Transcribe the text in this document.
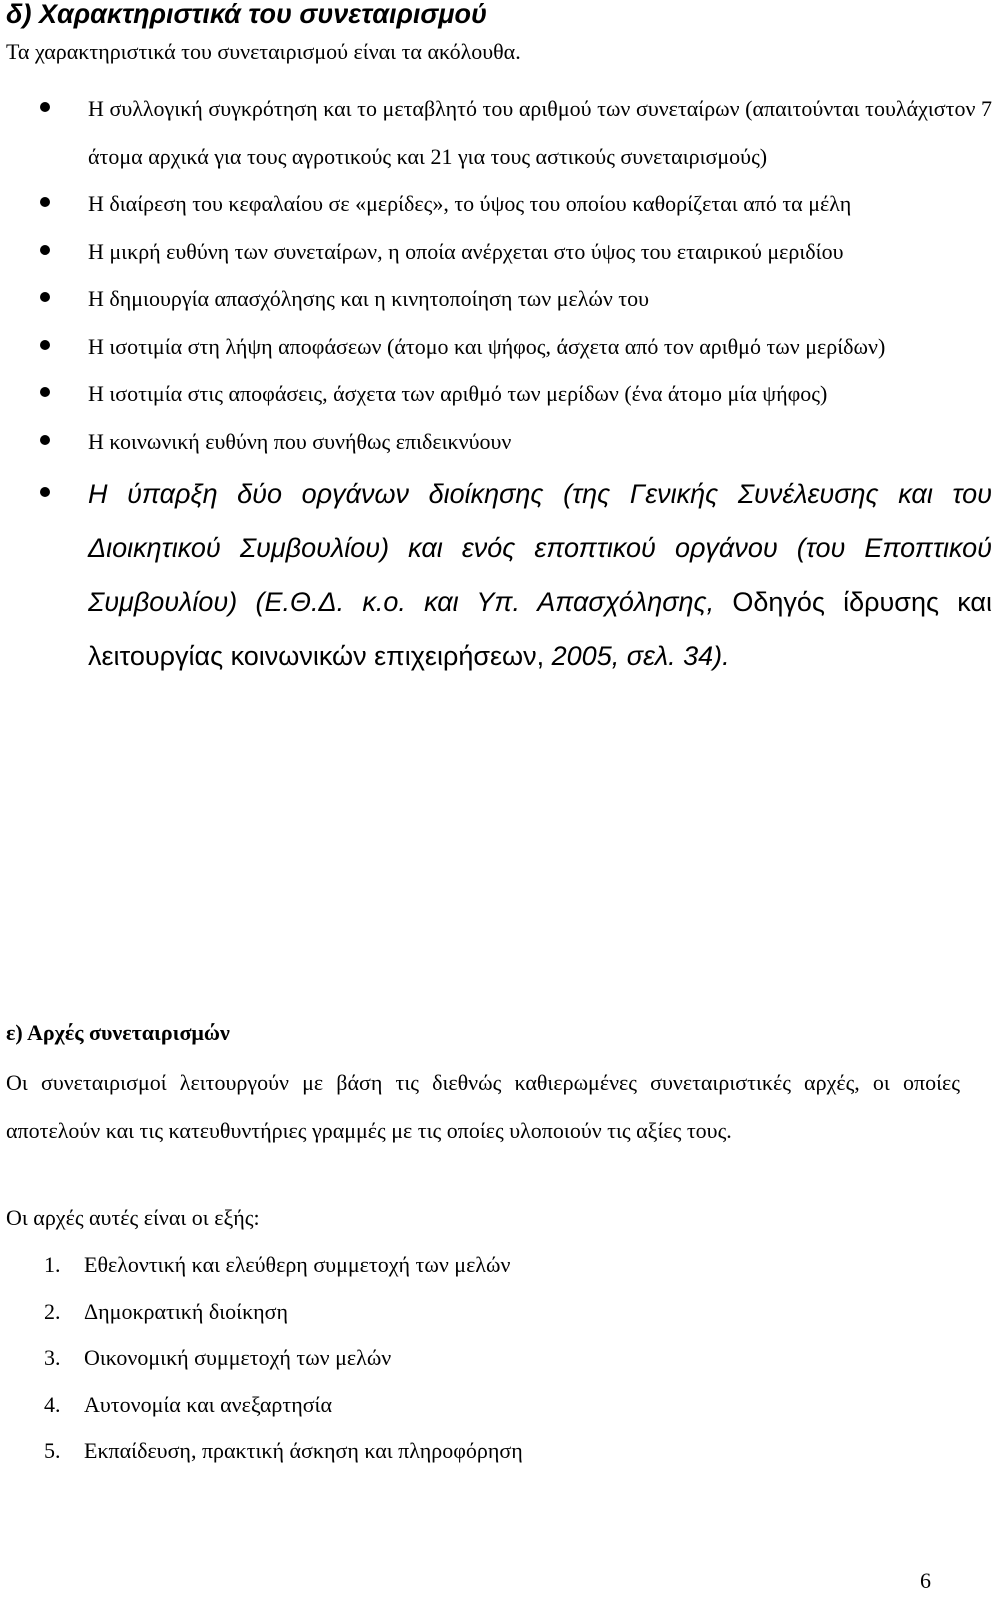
δ) Χαρακτηριστικά του συνεταιρισμού
Τα χαρακτηριστικά του συνεταιρισμού είναι τα ακόλουθα.
Η συλλογική συγκρότηση και το μεταβλητό του αριθμού των συνεταίρων (απαιτούνται τουλάχιστον 7 άτομα αρχικά για τους αγροτικούς και 21 για τους αστικούς συνεταιρισμούς)
Η διαίρεση του κεφαλαίου σε «μερίδες», το ύψος του οποίου καθορίζεται από τα μέλη
Η μικρή ευθύνη των συνεταίρων, η οποία ανέρχεται στο ύψος του εταιρικού μεριδίου
Η δημιουργία απασχόλησης και η κινητοποίηση των μελών του
Η ισοτιμία στη λήψη αποφάσεων (άτομο και ψήφος, άσχετα από τον αριθμό των μερίδων)
Η ισοτιμία στις αποφάσεις, άσχετα των αριθμό των μερίδων (ένα άτομο μία ψήφος)
Η κοινωνική ευθύνη που συνήθως επιδεικνύουν
Η ύπαρξη δύο οργάνων διοίκησης (της Γενικής Συνέλευσης και του Διοικητικού Συμβουλίου) και ενός εποπτικού οργάνου (του Εποπτικού Συμβουλίου) (Ε.Θ.Δ. κ.ο. και Υπ. Απασχόλησης, Οδηγός ίδρυσης και λειτουργίας κοινωνικών επιχειρήσεων, 2005, σελ. 34).
ε) Αρχές συνεταιρισμών
Οι συνεταιρισμοί λειτουργούν με βάση τις διεθνώς καθιερωμένες συνεταιριστικές αρχές, οι οποίες αποτελούν και τις κατευθυντήριες γραμμές με τις οποίες υλοποιούν τις αξίες τους.
Οι αρχές αυτές είναι οι εξής:
1. Εθελοντική και ελεύθερη συμμετοχή των μελών
2. Δημοκρατική διοίκηση
3. Οικονομική συμμετοχή των μελών
4. Αυτονομία και ανεξαρτησία
5. Εκπαίδευση, πρακτική άσκηση και πληροφόρηση
6
